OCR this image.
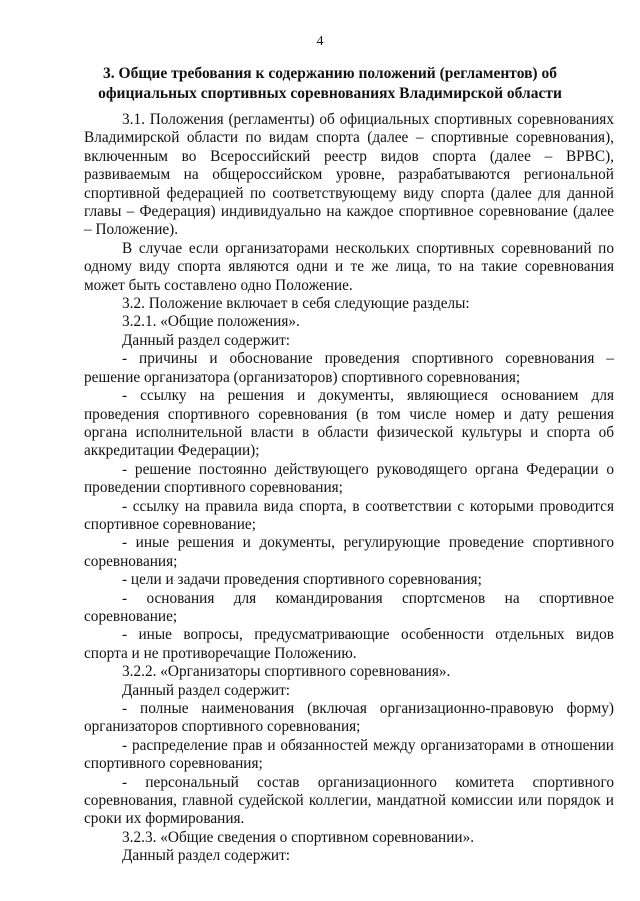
4
3. Общие требования к содержанию положений (регламентов) об
официальных спортивных соревнованиях Владимирской области

3.1. Положения (регламенты) об официальных спортивных соревнованиях Владимирской области по видам спорта (далее – спортивные соревнования), включенным во Всероссийский реестр видов спорта (далее – ВРВС), развиваемым на общероссийском уровне, разрабатываются региональной спортивной федерацией по соответствующему виду спорта (далее для данной главы – Федерация) индивидуально на каждое спортивное соревнование (далее – Положение).

В случае если организаторами нескольких спортивных соревнований по одному виду спорта являются одни и те же лица, то на такие соревнования может быть составлено одно Положение.

3.2. Положение включает в себя следующие разделы:

3.2.1. «Общие положения».

Данный раздел содержит:

- причины и обоснование проведения спортивного соревнования – решение организатора (организаторов) спортивного соревнования;

- ссылку на решения и документы, являющиеся основанием для проведения спортивного соревнования (в том числе номер и дату решения органа исполнительной власти в области физической культуры и спорта об аккредитации Федерации);

- решение постоянно действующего руководящего органа Федерации о проведении спортивного соревнования;

- ссылку на правила вида спорта, в соответствии с которыми проводится спортивное соревнование;

- иные решения и документы, регулирующие проведение спортивного соревнования;

- цели и задачи проведения спортивного соревнования;

- основания для командирования спортсменов на спортивное соревнование;

- иные вопросы, предусматривающие особенности отдельных видов спорта и не противоречащие Положению.

3.2.2. «Организаторы спортивного соревнования».

Данный раздел содержит:

- полные наименования (включая организационно-правовую форму) организаторов спортивного соревнования;

- распределение прав и обязанностей между организаторами в отношении спортивного соревнования;

- персональный состав организационного комитета спортивного соревнования, главной судейской коллегии, мандатной комиссии или порядок и сроки их формирования.

3.2.3. «Общие сведения о спортивном соревновании».

Данный раздел содержит:
